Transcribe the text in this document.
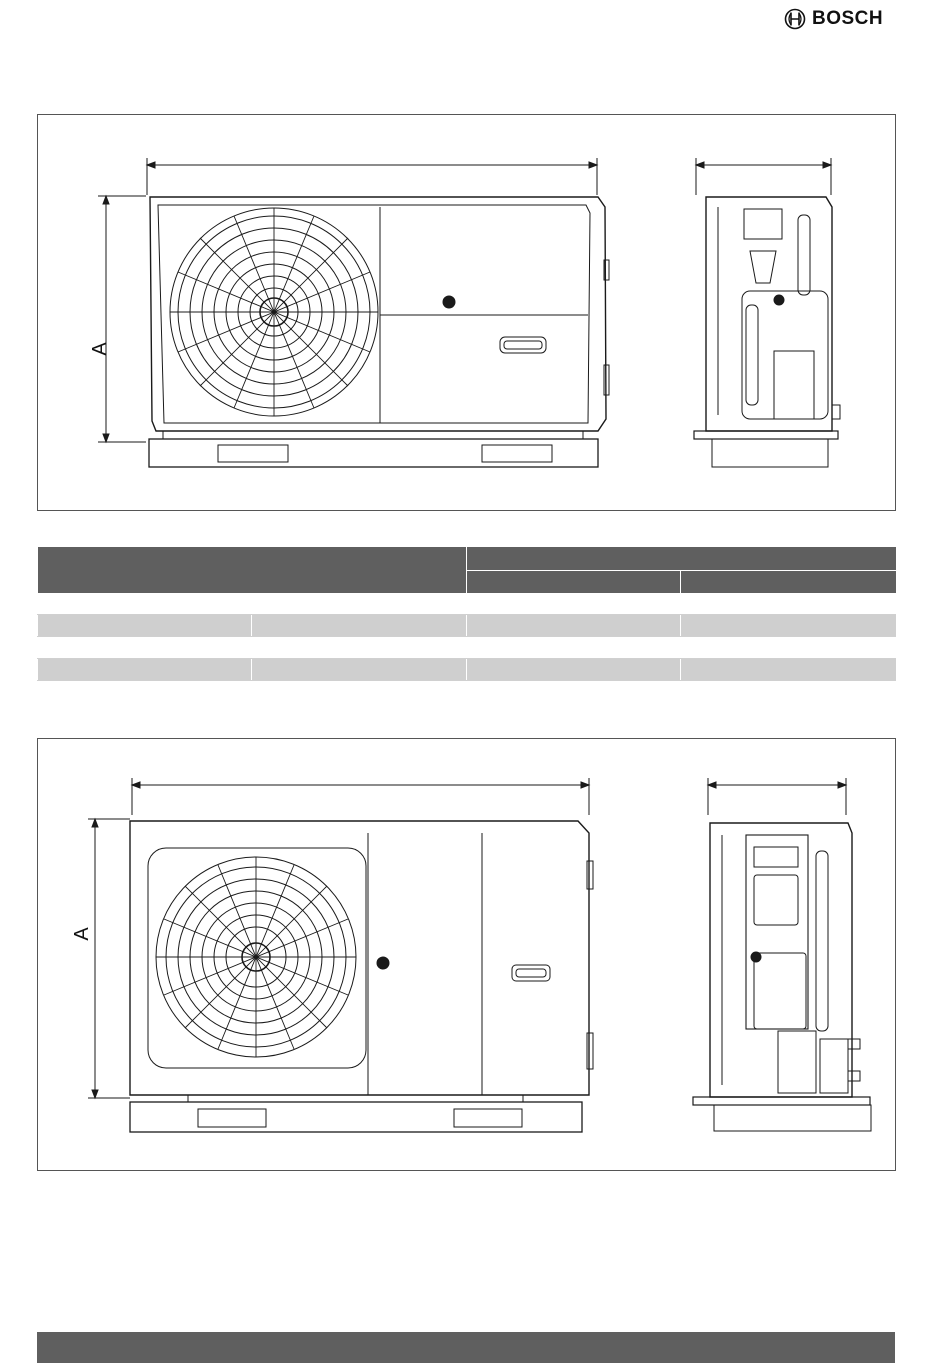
BOSCH
A

A
